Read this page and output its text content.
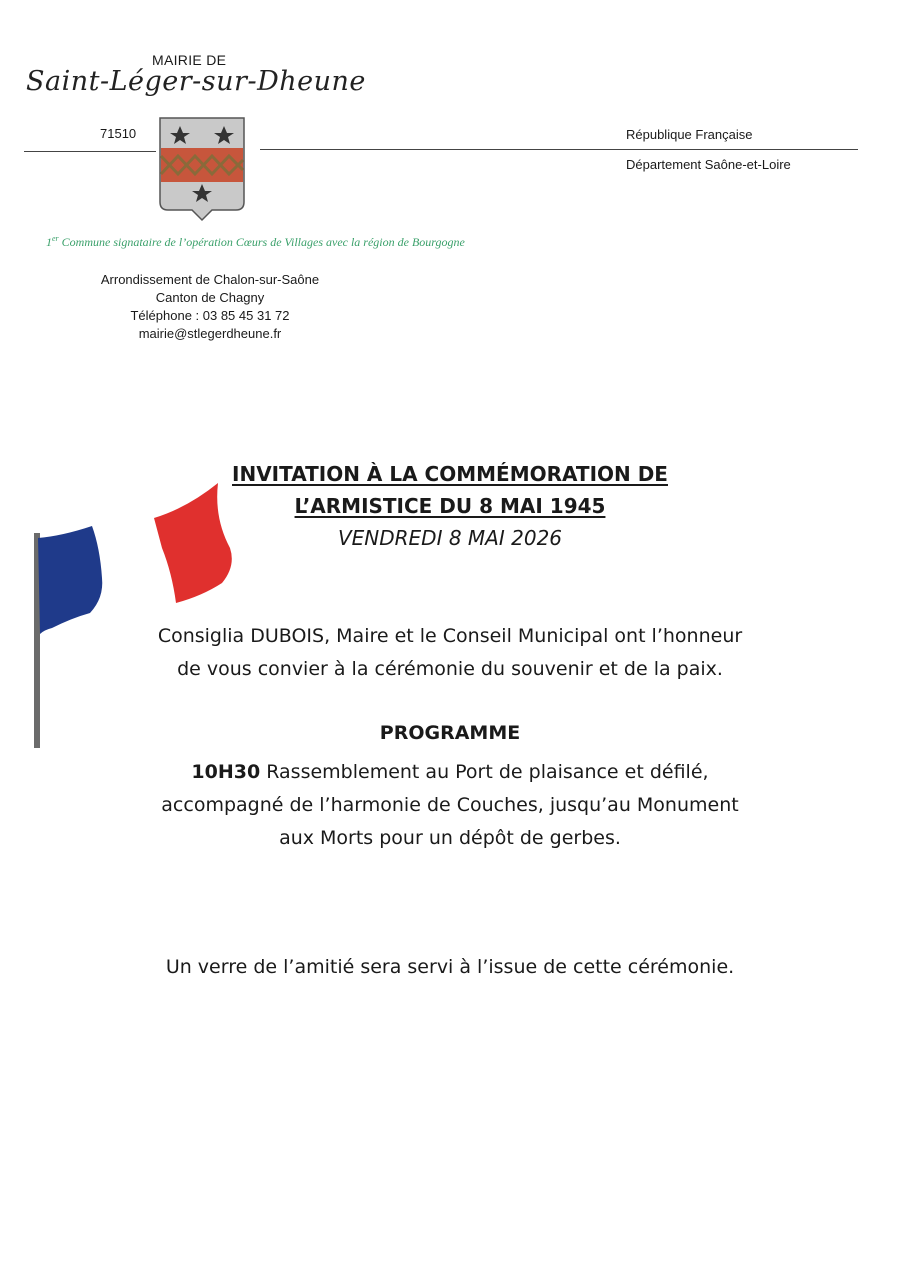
MAIRIE DE
Saint-Léger-sur-Dheune
71510	République Française
Département Saône-et-Loire
1er Commune signataire de l’opération Cœurs de Villages avec la région de Bourgogne
Arrondissement de Chalon-sur-Saône
Canton de Chagny
Téléphone : 03 85 45 31 72
mairie@stlegerdheune.fr
INVITATION À LA COMMÉMORATION DE
L’ARMISTICE DU 8 MAI 1945
VENDREDI 8 MAI 2026
Consiglia DUBOIS, Maire et le Conseil Municipal ont l’honneur
de vous convier à la cérémonie du souvenir et de la paix.
PROGRAMME
10H30 Rassemblement au Port de plaisance et défilé,
accompagné de l’harmonie de Couches, jusqu’au Monument
aux Morts pour un dépôt de gerbes.
Un verre de l’amitié sera servi à l’issue de cette cérémonie.
